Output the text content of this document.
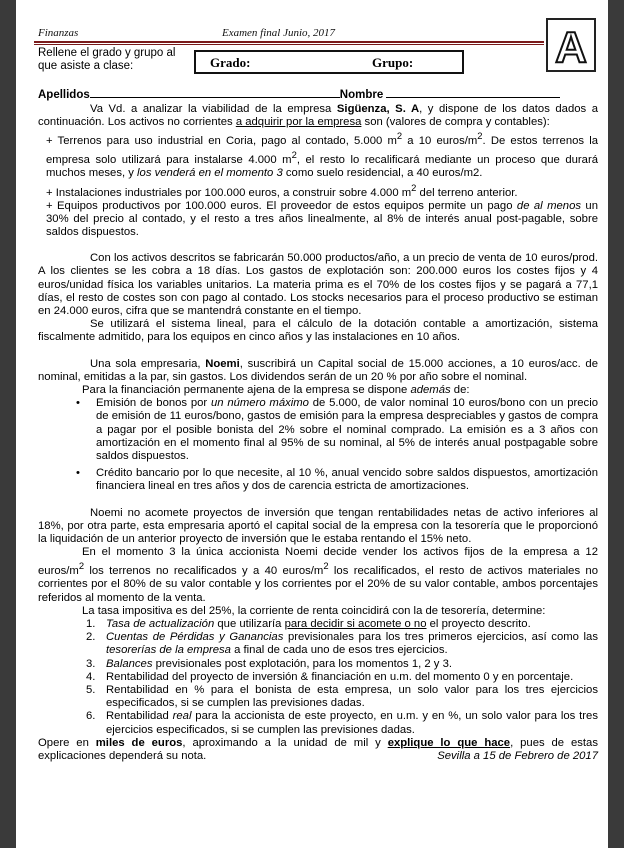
Finanzas	Examen final Junio, 2017	A
Rellene el grado y grupo al que asiste a clase:	Grado:	Grupo:
Apellidos	Nombre

Va Vd. a analizar la viabilidad de la empresa Sigüenza, S. A, y dispone de los datos dados a continuación. Los activos no corrientes a adquirir por la empresa son (valores de compra y contables):

+ Terrenos para uso industrial en Coria, pago al contado, 5.000 $m^2$ a 10 euros/$m^2$. De estos terrenos la empresa solo utilizará para instalarse 4.000 $m^2$, el resto lo recalificará mediante un proceso que durará muchos meses, y los venderá en el momento 3 como suelo residencial, a 40 euros/m2.

+ Instalaciones industriales por 100.000 euros, a construir sobre 4.000 $m^2$ del terreno anterior.

+ Equipos productivos por 100.000 euros. El proveedor de estos equipos permite un pago de al menos un 30% del precio al contado, y el resto a tres años linealmente, al 8% de interés anual post-pagable, sobre saldos dispuestos.

Con los activos descritos se fabricarán 50.000 productos/año, a un precio de venta de 10 euros/prod. A los clientes se les cobra a 18 días. Los gastos de explotación son: 200.000 euros los costes fijos y 4 euros/unidad física los variables unitarios. La materia prima es el 70% de los costes fijos y se pagará a 77,1 días, el resto de costes son con pago al contado. Los stocks necesarios para el proceso productivo se estiman en 24.000 euros, cifra que se mantendrá constante en el tiempo.

Se utilizará el sistema lineal, para el cálculo de la dotación contable a amortización, sistema fiscalmente admitido, para los equipos en cinco años y las instalaciones en 10 años.

Una sola empresaria, Noemi, suscribirá un Capital social de 15.000 acciones, a 10 euros/acc. de nominal, emitidas a la par, sin gastos. Los dividendos serán de un 20 % por año sobre el nominal.

Para la financiación permanente ajena de la empresa se dispone además de:

• Emisión de bonos por un número máximo de 5.000, de valor nominal 10 euros/bono con un precio de emisión de 11 euros/bono, gastos de emisión para la empresa despreciables y gastos de compra a pagar por el posible bonista del 2% sobre el nominal comprado. La emisión es a 3 años con amortización en el momento final al 95% de su nominal, al 5% de interés anual postpagable sobre saldos dispuestos.
• Crédito bancario por lo que necesite, al 10 %, anual vencido sobre saldos dispuestos, amortización financiera lineal en tres años y dos de carencia estricta de amortizaciones.

Noemi no acomete proyectos de inversión que tengan rentabilidades netas de activo inferiores al 18%, por otra parte, esta empresaria aportó el capital social de la empresa con la tesorería que le proporcionó la liquidación de un anterior proyecto de inversión que le estaba rentando el 15% neto.

En el momento 3 la única accionista Noemi decide vender los activos fijos de la empresa a 12 euros/$m^2$ los terrenos no recalificados y a 40 euros/$m^2$ los recalificados, el resto de activos materiales no corrientes por el 80% de su valor contable y los corrientes por el 20% de su valor contable, ambos porcentajes referidos al momento de la venta.

La tasa impositiva es del 25%, la corriente de renta coincidirá con la de tesorería, determine:

1. Tasa de actualización que utilizaría para decidir si acomete o no el proyecto descrito.
2. Cuentas de Pérdidas y Ganancias previsionales para los tres primeros ejercicios, así como las tesorerías de la empresa a final de cada uno de esos tres ejercicios.
3. Balances previsionales post explotación, para los momentos 1, 2 y 3.
4. Rentabilidad del proyecto de inversión & financiación en u.m. del momento 0 y en porcentaje.
5. Rentabilidad en % para el bonista de esta empresa, un solo valor para los tres ejercicios especificados, si se cumplen las previsiones dadas.
6. Rentabilidad real para la accionista de este proyecto, en u.m. y en %, un solo valor para los tres ejercicios especificados, si se cumplen las previsiones dadas.

Opere en miles de euros, aproximando a la unidad de mil y explique lo que hace, pues de estas explicaciones dependerá su nota.	Sevilla a 15 de Febrero de 2017
